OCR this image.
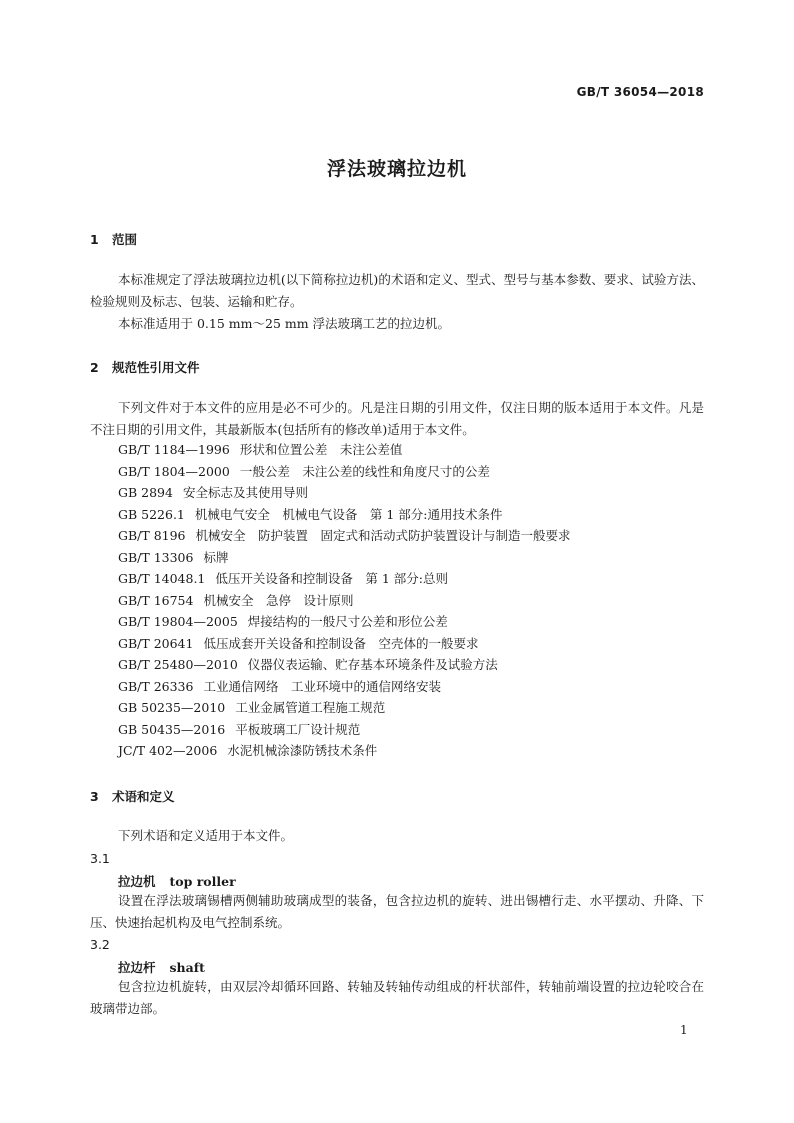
GB/T 36054—2018
浮法玻璃拉边机
1 范围

本标准规定了浮法玻璃拉边机(以下简称拉边机)的术语和定义、型式、型号与基本参数、要求、试验方法、检验规则及标志、包装、运输和贮存。

本标准适用于 0.15 mm～25 mm 浮法玻璃工艺的拉边机。

2 规范性引用文件

下列文件对于本文件的应用是必不可少的。凡是注日期的引用文件，仅注日期的版本适用于本文件。凡是不注日期的引用文件，其最新版本(包括所有的修改单)适用于本文件。

GB/T 1184—1996 形状和位置公差　未注公差值
GB/T 1804—2000 一般公差　未注公差的线性和角度尺寸的公差
GB 2894 安全标志及其使用导则
GB 5226.1 机械电气安全　机械电气设备　第 1 部分:通用技术条件
GB/T 8196 机械安全　防护装置　固定式和活动式防护装置设计与制造一般要求
GB/T 13306 标牌
GB/T 14048.1 低压开关设备和控制设备　第 1 部分:总则
GB/T 16754 机械安全　急停　设计原则
GB/T 19804—2005 焊接结构的一般尺寸公差和形位公差
GB/T 20641 低压成套开关设备和控制设备　空壳体的一般要求
GB/T 25480—2010 仪器仪表运输、贮存基本环境条件及试验方法
GB/T 26336 工业通信网络　工业环境中的通信网络安装
GB 50235—2010 工业金属管道工程施工规范
GB 50435—2016 平板玻璃工厂设计规范
JC/T 402—2006 水泥机械涂漆防锈技术条件
3 术语和定义

下列术语和定义适用于本文件。

3.1
拉边机 top roller

设置在浮法玻璃锡槽两侧辅助玻璃成型的装备，包含拉边机的旋转、进出锡槽行走、水平摆动、升降、下压、快速抬起机构及电气控制系统。

3.2
拉边杆 shaft

包含拉边机旋转，由双层冷却循环回路、转轴及转轴传动组成的杆状部件，转轴前端设置的拉边轮咬合在玻璃带边部。

1
